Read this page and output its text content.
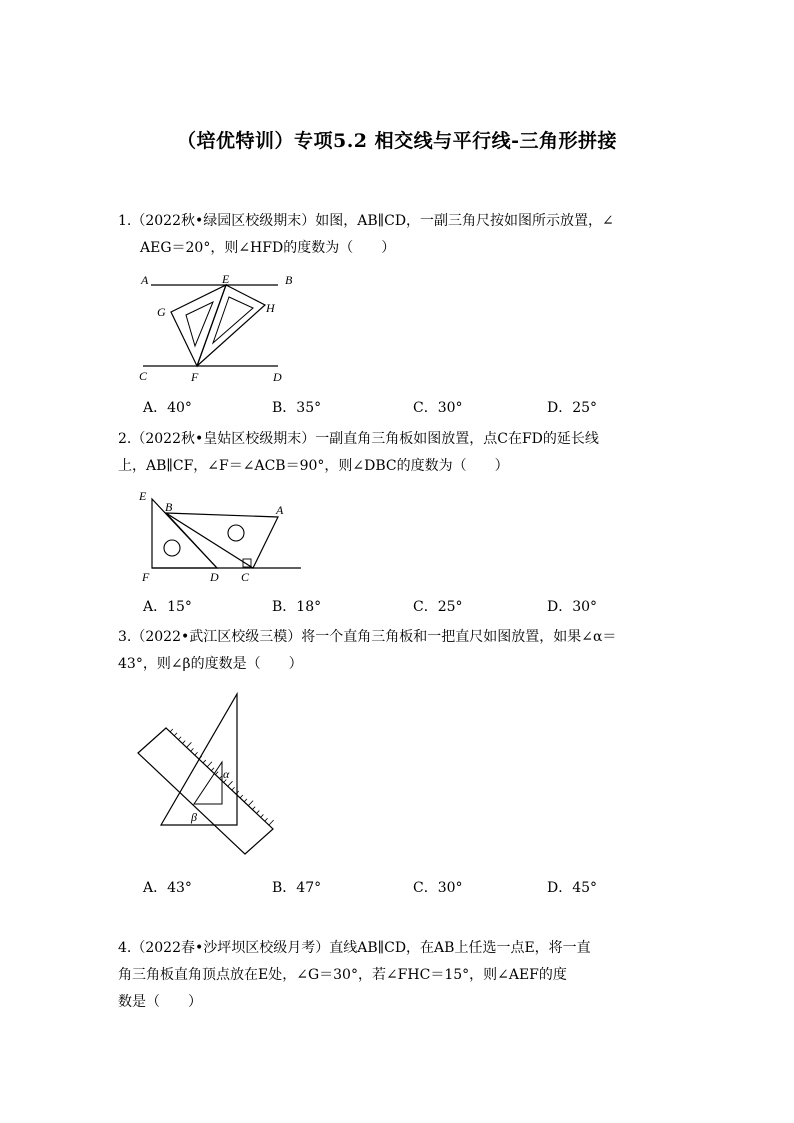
（培优特训）专项5.2 相交线与平行线-三角形拼接
1.（2022秋•绿园区校级期末）如图，AB∥CD，一副三角尺按如图所示放置，∠
AEG＝20°，则∠HFD的度数为（　　）
A	E	B
G	H
C	F	D
A．40°	B．35°	C．30°	D．25°
2.（2022秋•皇姑区校级期末）一副直角三角板如图放置，点C在FD的延长线
上，AB∥CF，∠F＝∠ACB＝90°，则∠DBC的度数为（　　）
E
B	A
F	D C
A．15°	B．18°	C．25°	D．30°
3.（2022•武江区校级三模）将一个直角三角板和一把直尺如图放置，如果∠α＝
43°，则∠β的度数是（　　）
α
β
A．43°	B．47°	C．30°	D．45°
4.（2022春•沙坪坝区校级月考）直线AB∥CD，在AB上任选一点E，将一直
角三角板直角顶点放在E处，∠G＝30°，若∠FHC＝15°，则∠AEF的度
数是（　　）
